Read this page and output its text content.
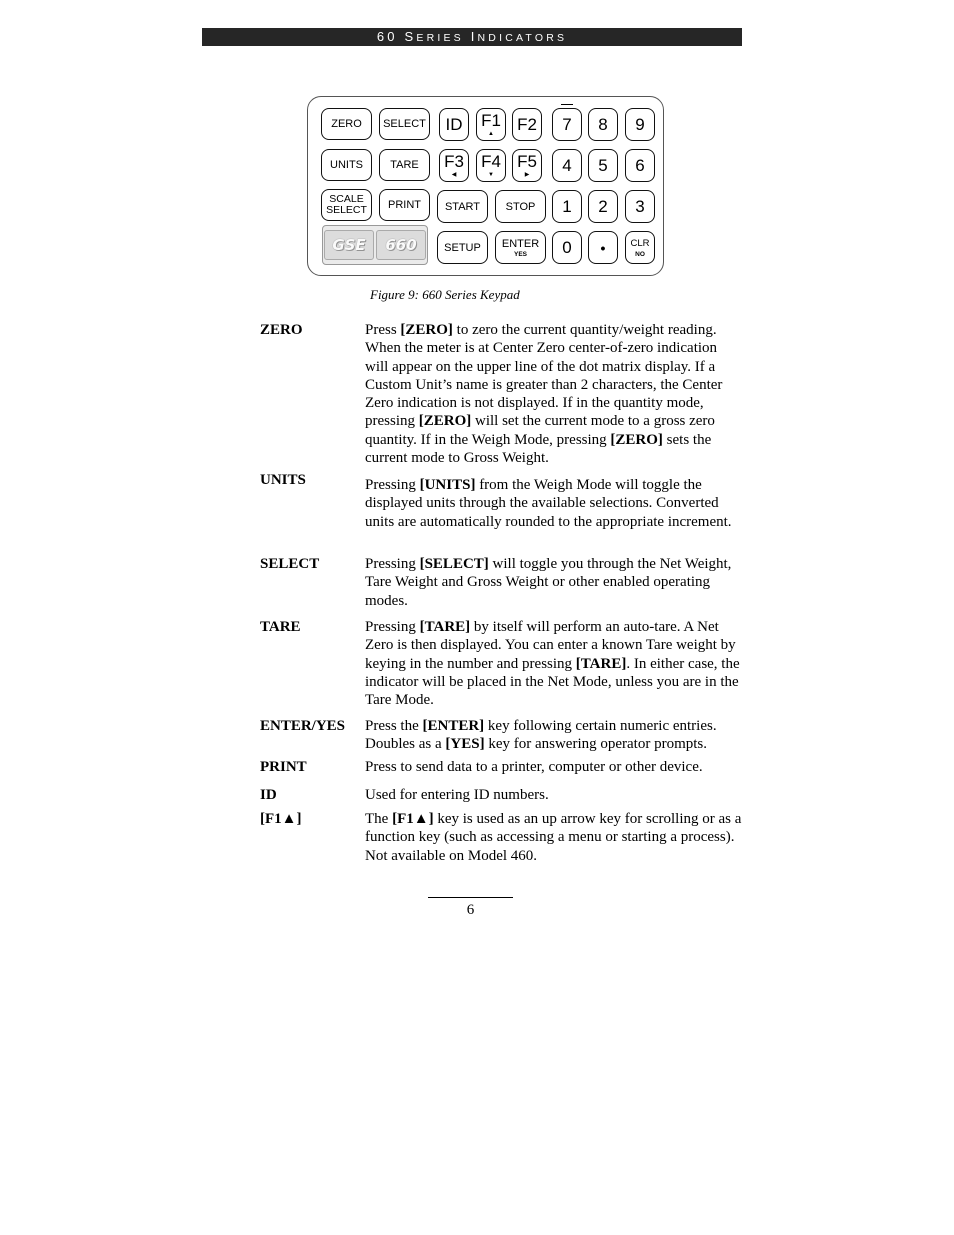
60 SERIES INDICATORS
ZERO SELECT ID F1
▲
F2 7 8 9
UNITS TARE F3
◀
F4
▼
F5
▶
4 5 6
SCALE
SELECT PRINT START STOP 1 2 3
GSE	660	SETUP ENTER
YES 0 •	CLR
NO
Figure 9: 660 Series Keypad
ZERO	Press [ZERO] to zero the current quantity/weight reading. When the meter is at Center Zero center-of-zero indication will appear on the upper line of the dot matrix display. If a Custom Unit’s name is greater than 2 characters, the Center Zero indication is not displayed. If in the quantity mode, pressing [ZERO] will set the current mode to a gross zero quantity. If in the Weigh Mode, pressing [ZERO] sets the current mode to Gross Weight.
UNITS	Pressing [UNITS] from the Weigh Mode will toggle the displayed units through the available selections. Converted units are automatically rounded to the appropriate increment.
SELECT	Pressing [SELECT] will toggle you through the Net Weight, Tare Weight and Gross Weight or other enabled operating modes.
TARE	Pressing [TARE] by itself will perform an auto-tare. A Net Zero is then displayed. You can enter a known Tare weight by keying in the number and pressing [TARE]. In either case, the indicator will be placed in the Net Mode, unless you are in the Tare Mode.
ENTER/YES Press the [ENTER] key following certain numeric entries. Doubles as a [YES] key for answering operator prompts.
PRINT	Press to send data to a printer, computer or other device.
ID	Used for entering ID numbers.
[F1▲]	The [F1▲] key is used as an up arrow key for scrolling or as a function key (such as accessing a menu or starting a process). Not available on Model 460.
6
